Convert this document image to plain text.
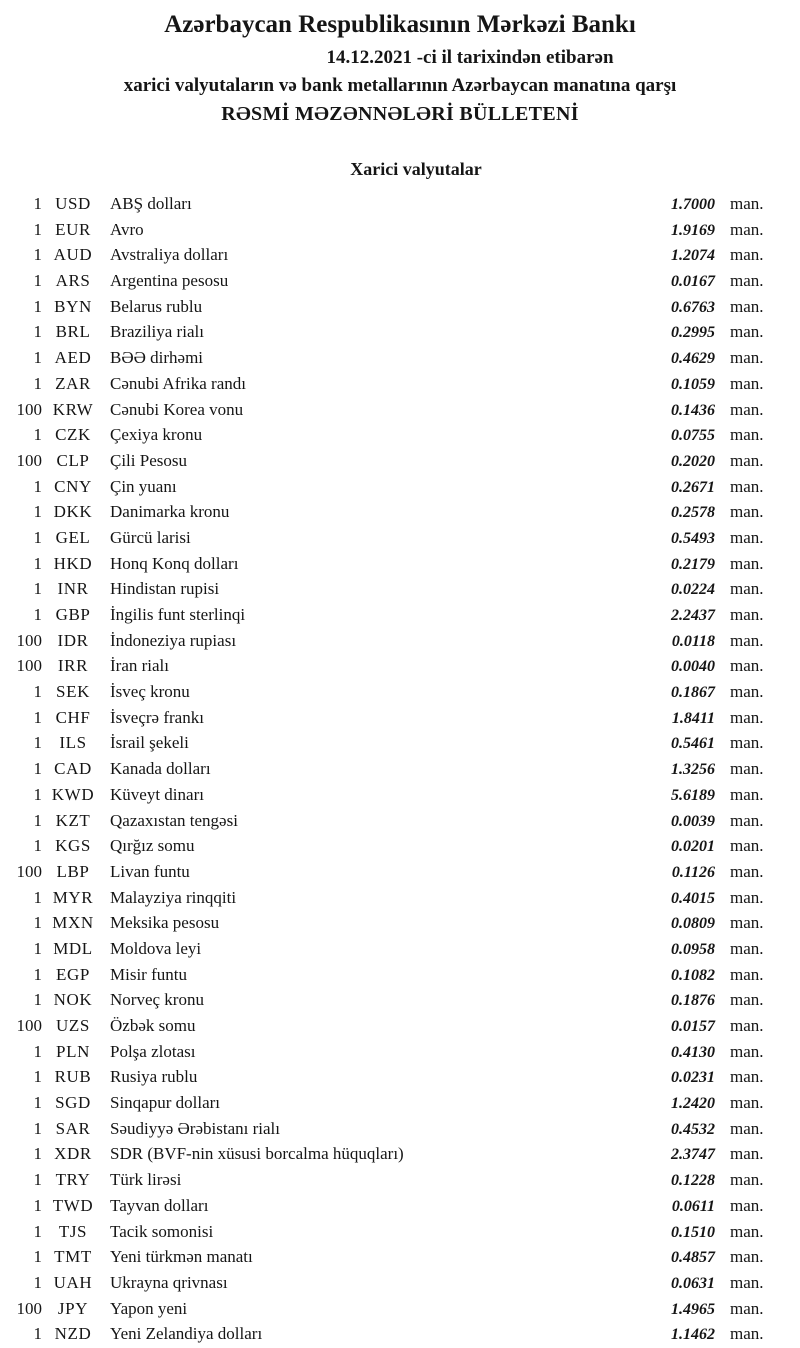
Azərbaycan Respublikasının Mərkəzi Bankı
14.12.2021 -ci il tarixindən etibarən
xarici valyutaların və bank metallarının Azərbaycan manatına qarşı
RƏSMİ MƏZƏNNƏLƏRİ BÜLLETENİ
Xarici valyutalar
1 USD	ABŞ dolları	1.7000 man.
1 EUR	Avro	1.9169 man.
1 AUD	Avstraliya dolları	1.2074 man.
1 ARS	Argentina pesosu	0.0167 man.
1 BYN	Belarus rublu	0.6763 man.
1 BRL	Braziliya rialı	0.2995 man.
1 AED	BƏƏ dirhəmi	0.4629 man.
1 ZAR	Cənubi Afrika randı	0.1059 man.
100 KRW Cənubi Korea vonu	0.1436 man.
1 CZK	Çexiya kronu	0.0755 man.
100 CLP	Çili Pesosu	0.2020 man.
1 CNY	Çin yuanı	0.2671 man.
1 DKK	Danimarka kronu	0.2578 man.
1 GEL	Gürcü larisi	0.5493 man.
1 HKD	Honq Konq dolları	0.2179 man.
1 INR	Hindistan rupisi	0.0224 man.
1 GBP	İngilis funt sterlinqi	2.2437 man.
100 IDR	İndoneziya rupiası	0.0118 man.
100 IRR	İran rialı	0.0040 man.
1 SEK	İsveç kronu	0.1867 man.
1 CHF	İsveçrə frankı	1.8411 man.
1	ILS	İsrail şekeli	0.5461 man.
1 CAD	Kanada dolları	1.3256 man.
1 KWD Küveyt dinarı	5.6189 man.
1 KZT	Qazaxıstan tengəsi	0.0039 man.
1 KGS	Qırğız somu	0.0201 man.
100 LBP	Livan funtu	0.1126 man.
1 MYR Malayziya rinqqiti	0.4015 man.
1 MXN Meksika pesosu	0.0809 man.
1 MDL	Moldova leyi	0.0958 man.
1 EGP	Misir funtu	0.1082 man.
1 NOK	Norveç kronu	0.1876 man.
100 UZS	Özbək somu	0.0157 man.
1 PLN	Polşa zlotası	0.4130 man.
1 RUB	Rusiya rublu	0.0231 man.
1 SGD	Sinqapur dolları	1.2420 man.
1 SAR	Səudiyyə Ərəbistanı rialı	0.4532 man.
1 XDR	SDR (BVF-nin xüsusi borcalma hüquqları)	2.3747 man.
1 TRY	Türk lirəsi	0.1228 man.
1 TWD Tayvan dolları	0.0611 man.
1 TJS	Tacik somonisi	0.1510 man.
1 TMT	Yeni türkmən manatı	0.4857 man.
1 UAH	Ukrayna qrivnası	0.0631 man.
100 JPY	Yapon yeni	1.4965 man.
1 NZD	Yeni Zelandiya dolları	1.1462 man.
